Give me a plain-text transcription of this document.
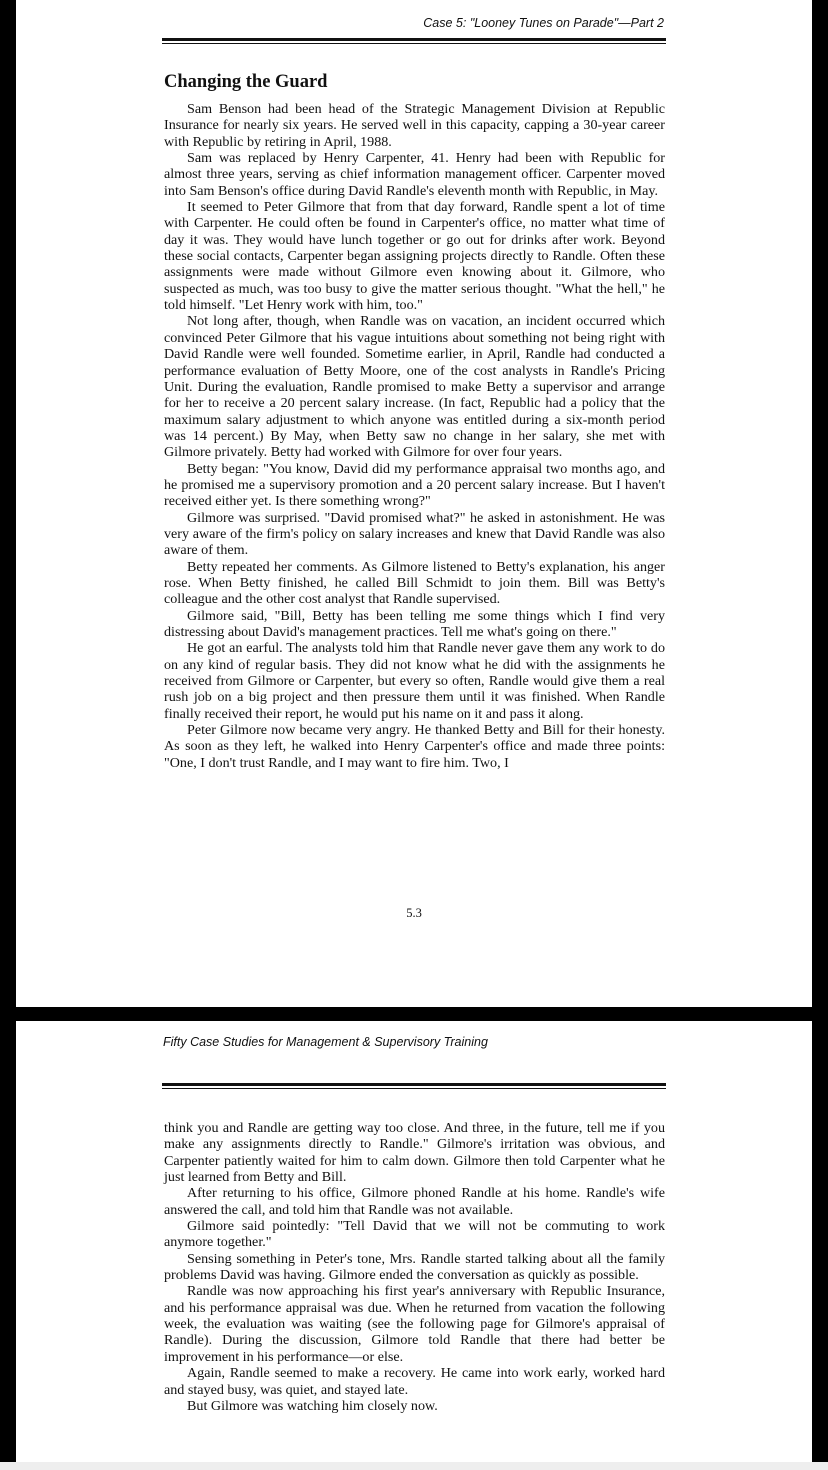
Case 5: "Looney Tunes on Parade"—Part 2
Changing the Guard

Sam Benson had been head of the Strategic Management Division at Republic Insurance for nearly six years. He served well in this capacity, capping a 30-year career with Republic by retiring in April, 1988.

Sam was replaced by Henry Carpenter, 41. Henry had been with Republic for almost three years, serving as chief information management officer. Carpenter moved into Sam Benson's office during David Randle's eleventh month with Republic, in May.

It seemed to Peter Gilmore that from that day forward, Randle spent a lot of time with Carpenter. He could often be found in Carpenter's office, no matter what time of day it was. They would have lunch together or go out for drinks after work. Beyond these social contacts, Carpenter began assigning projects directly to Randle. Often these assignments were made without Gilmore even knowing about it. Gilmore, who suspected as much, was too busy to give the matter serious thought. "What the hell," he told himself. "Let Henry work with him, too."

Not long after, though, when Randle was on vacation, an incident occurred which convinced Peter Gilmore that his vague intuitions about something not being right with David Randle were well founded. Sometime earlier, in April, Randle had conducted a performance evaluation of Betty Moore, one of the cost analysts in Randle's Pricing Unit. During the evaluation, Randle promised to make Betty a supervisor and arrange for her to receive a 20 percent salary increase. (In fact, Republic had a policy that the maximum salary adjustment to which anyone was entitled during a six-month period was 14 percent.) By May, when Betty saw no change in her salary, she met with Gilmore privately. Betty had worked with Gilmore for over four years.

Betty began: "You know, David did my performance appraisal two months ago, and he promised me a supervisory promotion and a 20 percent salary increase. But I haven't received either yet. Is there something wrong?"

Gilmore was surprised. "David promised what?" he asked in astonishment. He was very aware of the firm's policy on salary increases and knew that David Randle was also aware of them.

Betty repeated her comments. As Gilmore listened to Betty's explanation, his anger rose. When Betty finished, he called Bill Schmidt to join them. Bill was Betty's colleague and the other cost analyst that Randle supervised.

Gilmore said, "Bill, Betty has been telling me some things which I find very distressing about David's management practices. Tell me what's going on there."

He got an earful. The analysts told him that Randle never gave them any work to do on any kind of regular basis. They did not know what he did with the assignments he received from Gilmore or Carpenter, but every so often, Randle would give them a real rush job on a big project and then pressure them until it was finished. When Randle finally received their report, he would put his name on it and pass it along.

Peter Gilmore now became very angry. He thanked Betty and Bill for their honesty. As soon as they left, he walked into Henry Carpenter's office and made three points: "One, I don't trust Randle, and I may want to fire him. Two, I

5.3
Fifty Case Studies for Management & Supervisory Training

think you and Randle are getting way too close. And three, in the future, tell me if you make any assignments directly to Randle." Gilmore's irritation was obvious, and Carpenter patiently waited for him to calm down. Gilmore then told Carpenter what he just learned from Betty and Bill.

After returning to his office, Gilmore phoned Randle at his home. Randle's wife answered the call, and told him that Randle was not available.

Gilmore said pointedly: "Tell David that we will not be commuting to work anymore together."

Sensing something in Peter's tone, Mrs. Randle started talking about all the family problems David was having. Gilmore ended the conversation as quickly as possible.

Randle was now approaching his first year's anniversary with Republic Insurance, and his performance appraisal was due. When he returned from vacation the following week, the evaluation was waiting (see the following page for Gilmore's appraisal of Randle). During the discussion, Gilmore told Randle that there had better be improvement in his performance—or else.

Again, Randle seemed to make a recovery. He came into work early, worked hard and stayed busy, was quiet, and stayed late.

But Gilmore was watching him closely now.
